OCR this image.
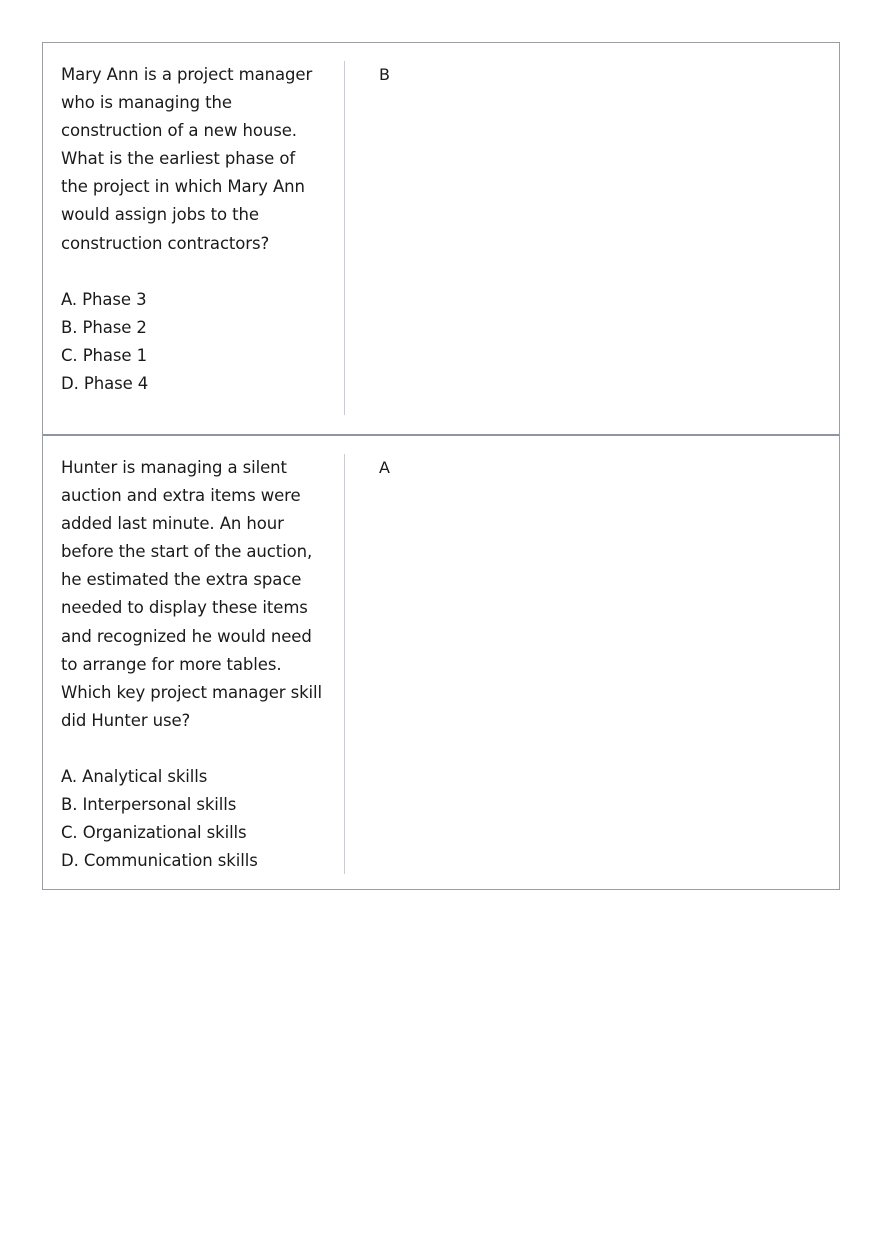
Mary Ann is a project manager who is managing the construction of a new house. What is the earliest phase of the project in which Mary Ann would assign jobs to the construction contractors?
A. Phase 3
B. Phase 2
C. Phase 1
D. Phase 4
B
Hunter is managing a silent auction and extra items were added last minute. An hour before the start of the auction, he estimated the extra space needed to display these items and recognized he would need to arrange for more tables. Which key project manager skill did Hunter use?
A. Analytical skills
B. Interpersonal skills
C. Organizational skills
D. Communication skills
A
